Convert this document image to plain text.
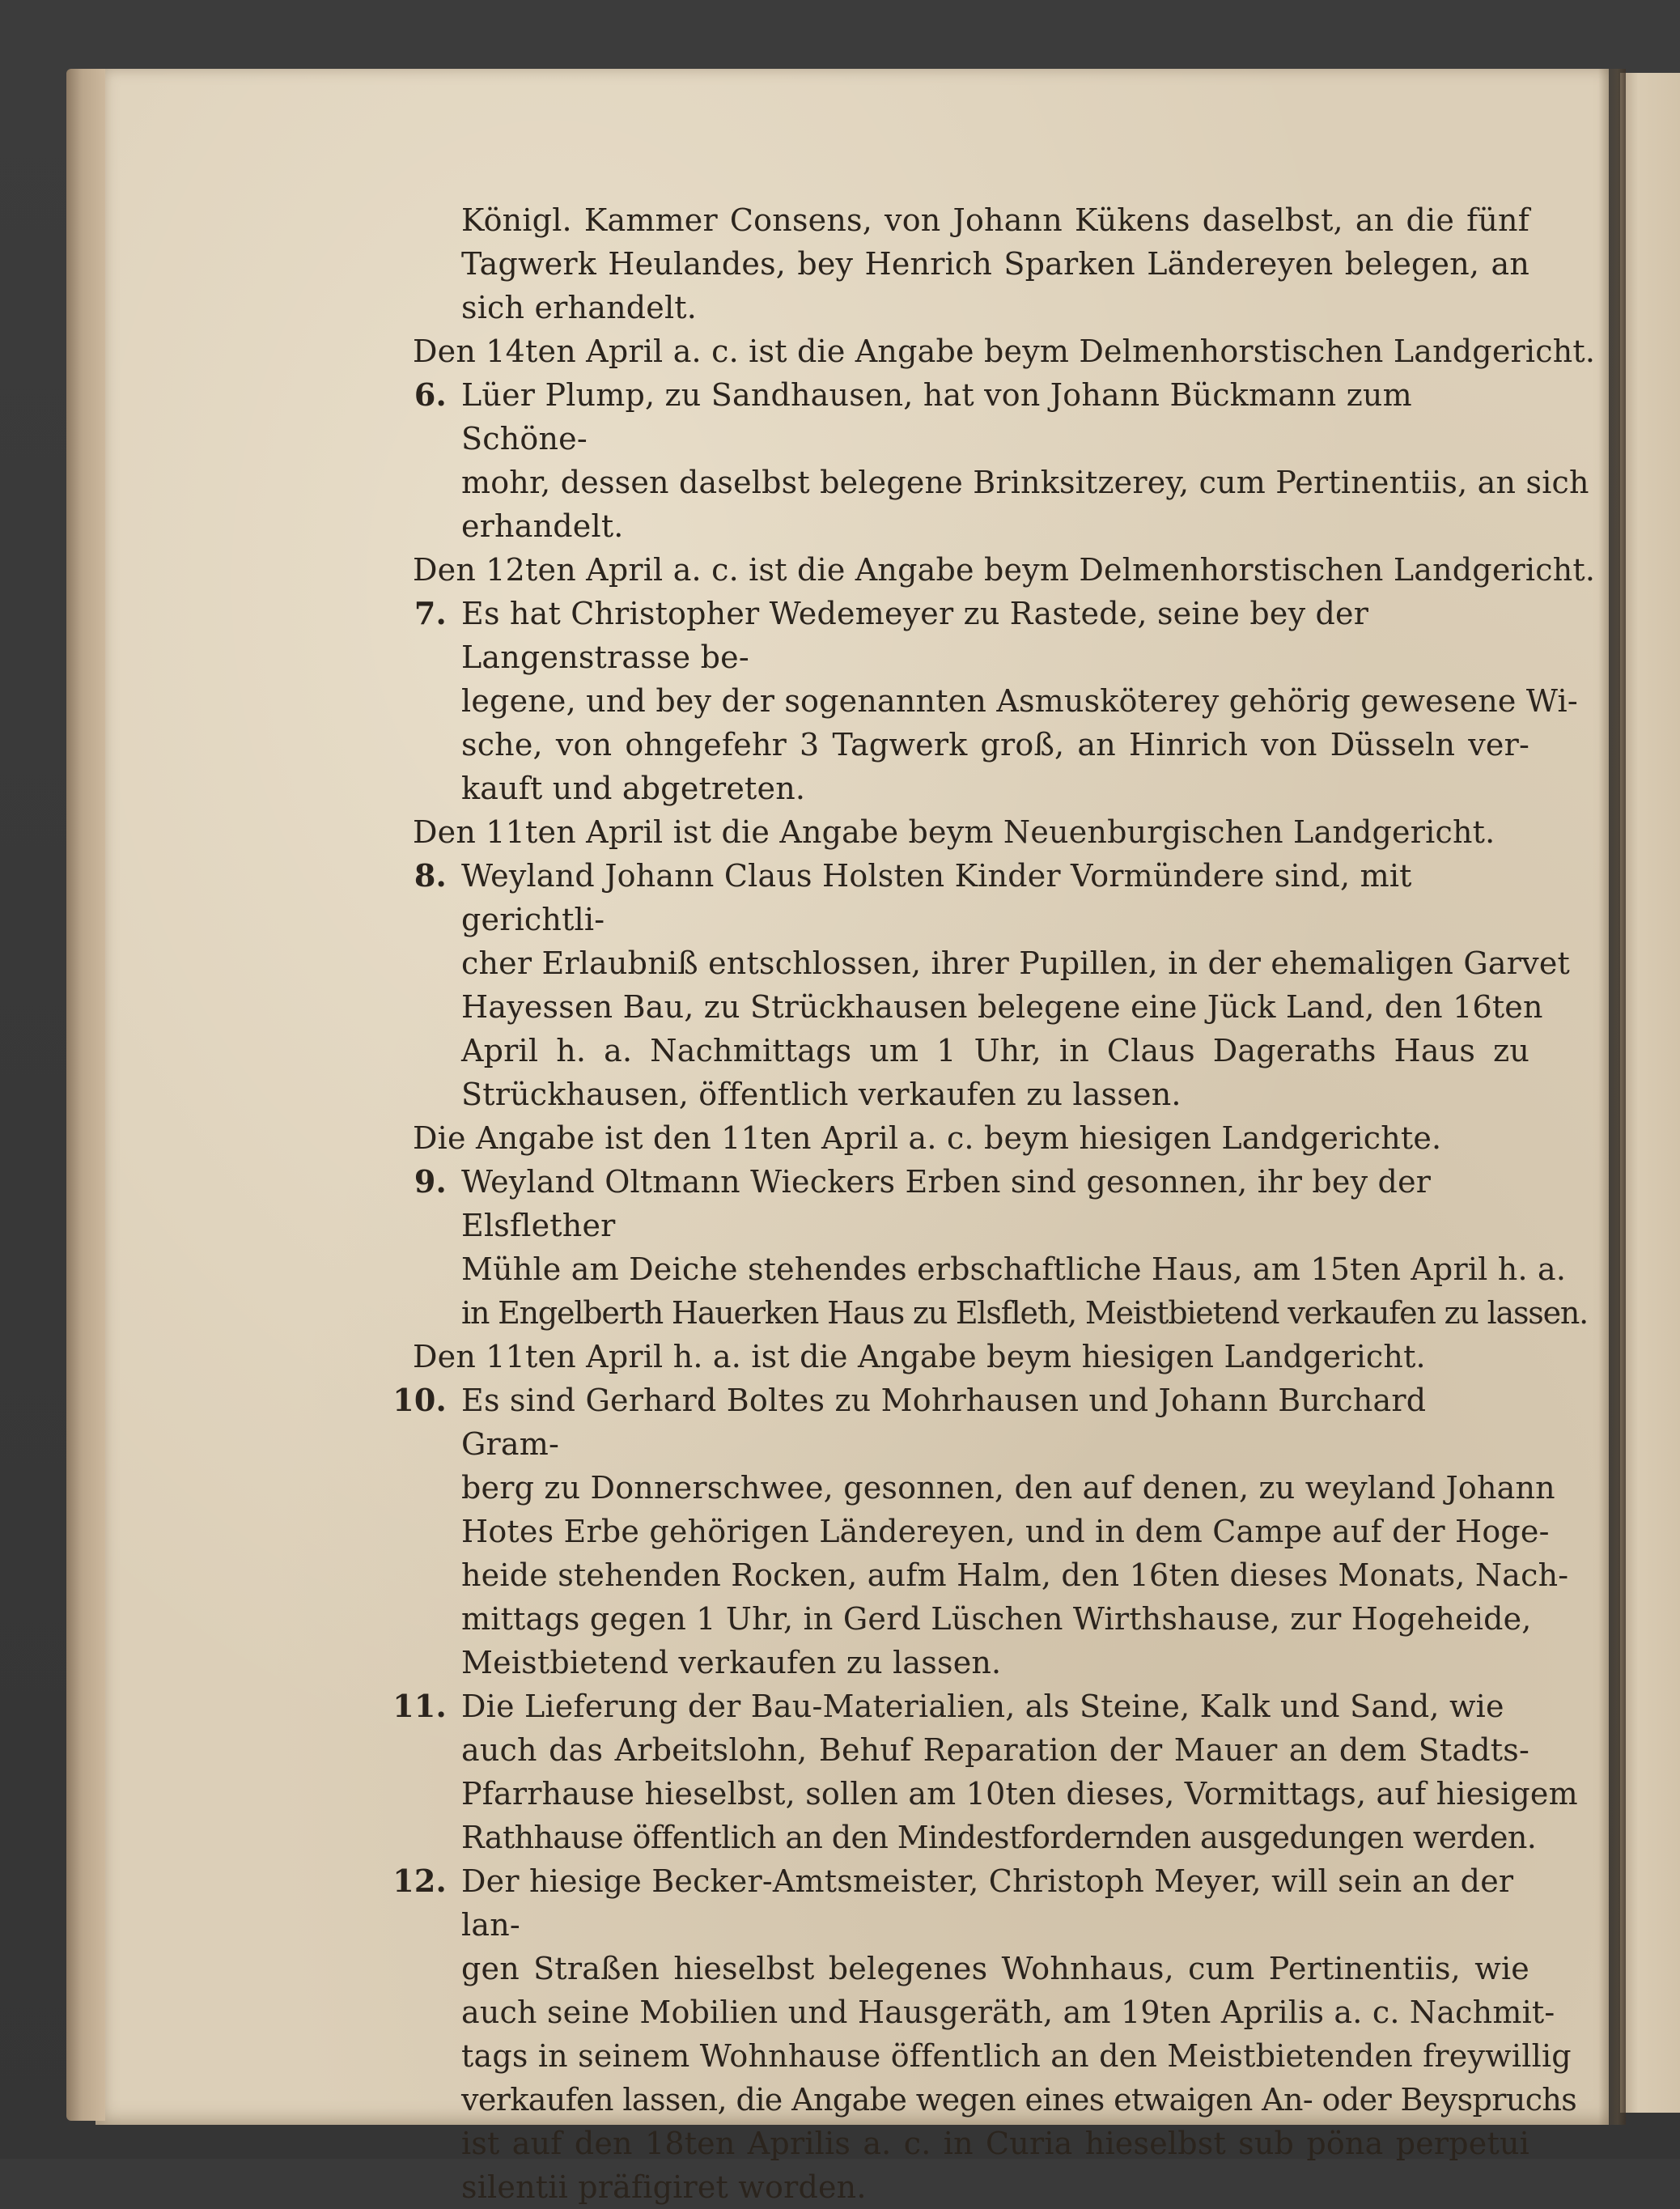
Königl. Kammer Consens, von Johann Kükens daselbst, an die fünf
Tagwerk Heulandes, bey Henrich Sparken Ländereyen belegen, an
sich erhandelt.
Den 14ten April a. c. ist die Angabe beym Delmenhorstischen Landgericht.
6. Lüer Plump, zu Sandhausen, hat von Johann Bückmann zum Schöne-
mohr, dessen daselbst belegene Brinksitzerey, cum Pertinentiis, an sich
erhandelt.
Den 12ten April a. c. ist die Angabe beym Delmenhorstischen Landgericht.
7. Es hat Christopher Wedemeyer zu Rastede, seine bey der Langenstrasse be-
legene, und bey der sogenannten Asmusköterey gehörig gewesene Wi-
sche, von ohngefehr 3 Tagwerk groß, an Hinrich von Düsseln ver-
kauft und abgetreten.
Den 11ten April ist die Angabe beym Neuenburgischen Landgericht.
8. Weyland Johann Claus Holsten Kinder Vormündere sind, mit gerichtli-
cher Erlaubniß entschlossen, ihrer Pupillen, in der ehemaligen Garvet
Hayessen Bau, zu Strückhausen belegene eine Jück Land, den 16ten
April h. a. Nachmittags um 1 Uhr, in Claus Dageraths Haus zu
Strückhausen, öffentlich verkaufen zu lassen.
Die Angabe ist den 11ten April a. c. beym hiesigen Landgerichte.
9. Weyland Oltmann Wieckers Erben sind gesonnen, ihr bey der Elsflether
Mühle am Deiche stehendes erbschaftliche Haus, am 15ten April h. a.
in Engelberth Hauerken Haus zu Elsfleth, Meistbietend verkaufen zu lassen.
Den 11ten April h. a. ist die Angabe beym hiesigen Landgericht.
10. Es sind Gerhard Boltes zu Mohrhausen und Johann Burchard Gram-
berg zu Donnerschwee, gesonnen, den auf denen, zu weyland Johann
Hotes Erbe gehörigen Ländereyen, und in dem Campe auf der Hoge-
heide stehenden Rocken, aufm Halm, den 16ten dieses Monats, Nach-
mittags gegen 1 Uhr, in Gerd Lüschen Wirthshause, zur Hogeheide,
Meistbietend verkaufen zu lassen.
11. Die Lieferung der Bau-Materialien, als Steine, Kalk und Sand, wie
auch das Arbeitslohn, Behuf Reparation der Mauer an dem Stadts-
Pfarrhause hieselbst, sollen am 10ten dieses, Vormittags, auf hiesigem
Rathhause öffentlich an den Mindestfordernden ausgedungen werden.
12. Der hiesige Becker-Amtsmeister, Christoph Meyer, will sein an der lan-
gen Straßen hieselbst belegenes Wohnhaus, cum Pertinentiis, wie
auch seine Mobilien und Hausgeräth, am 19ten Aprilis a. c. Nachmit-
tags in seinem Wohnhause öffentlich an den Meistbietenden freywillig
verkaufen lassen, die Angabe wegen eines etwaigen An- oder Beyspruchs
ist auf den 18ten Aprilis a. c. in Curia hieselbst sub pöna perpetui
silentii präfigiret worden.
